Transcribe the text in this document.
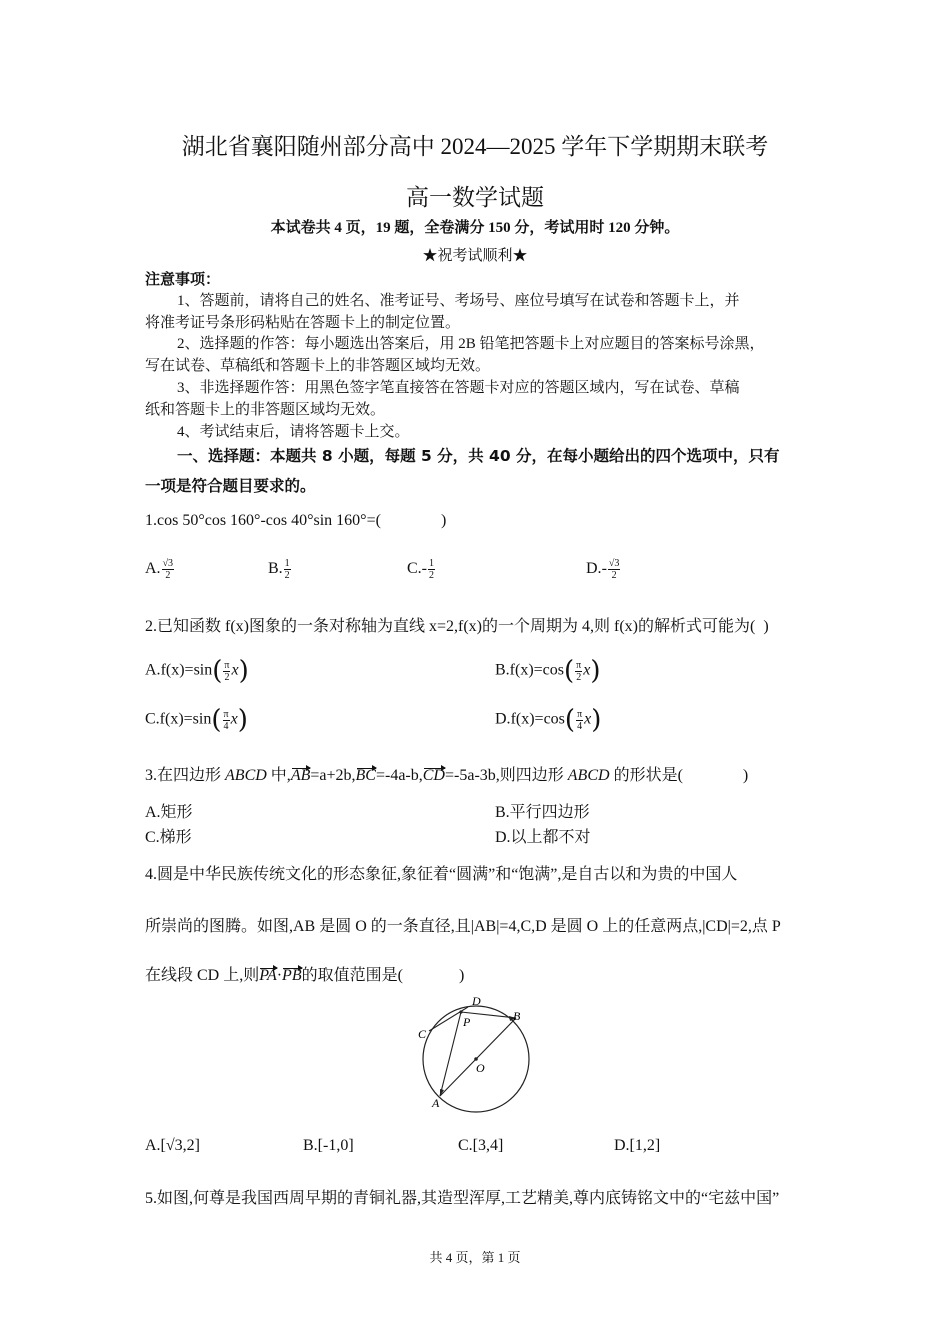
湖北省襄阳随州部分高中 2024—2025 学年下学期期末联考
高一数学试题
本试卷共 4 页，19 题，全卷满分 150 分，考试用时 120 分钟。
★祝考试顺利★
注意事项：
1、答题前，请将自己的姓名、准考证号、考场号、座位号填写在试卷和答题卡上，并
将准考证号条形码粘贴在答题卡上的制定位置。
2、选择题的作答：每小题选出答案后，用 2B 铅笔把答题卡上对应题目的答案标号涂黑，
写在试卷、草稿纸和答题卡上的非答题区域均无效。
3、非选择题作答：用黑色签字笔直接答在答题卡对应的答题区域内，写在试卷、草稿
纸和答题卡上的非答题区域均无效。
4、考试结束后，请将答题卡上交。
一、选择题：本题共 8 小题，每题 5 分，共 40 分，在每小题给出的四个选项中，只有
一项是符合题目要求的。
1.cos 50°cos 160°-cos 40°sin 160°=(	)
A. $\frac{√3}{2}$	B. $\frac{1}{2}$	$C.- \frac{1}{2}$	$D.- \frac{√3}{2}$
2.已知函数 f(x)图象的一条对称轴为直线 x=2,f(x)的一个周期为 4,则 f(x)的解析式可能为( )
$A.f(x)=\sin( \frac{\pi}{2} x)$	$B.f(x)=\cos( \frac{\pi}{2} x)$
$C.f(x)=\sin( \frac{\pi}{4} x)$	$D.f(x)=\cos( \frac{\pi}{4} x)$
3.在四边形 ABCD 中,AB=a+2b,BC=-4a-b,CD=-5a-3b,则四边形 ABCD 的形状是(	)
A.矩形	B.平行四边形
C.梯形	D.以上都不对
4.圆是中华民族传统文化的形态象征,象征着“圆满”和“饱满”,是自古以和为贵的中国人
所崇尚的图腾。如图,AB 是圆 O 的一条直径,且|AB|=4,C,D 是圆 O 上的任意两点,|CD|=2,点 P
在线段 CD 上,则PA·PB的取值范围是(	)
A
B
C
D
P
O
A.[√3,2]	B.[-1,0]	C.[3,4]	D.[1,2]
5.如图,何尊是我国西周早期的青铜礼器,其造型浑厚,工艺精美,尊内底铸铭文中的“宅兹中国”
共 4 页，第 1 页
